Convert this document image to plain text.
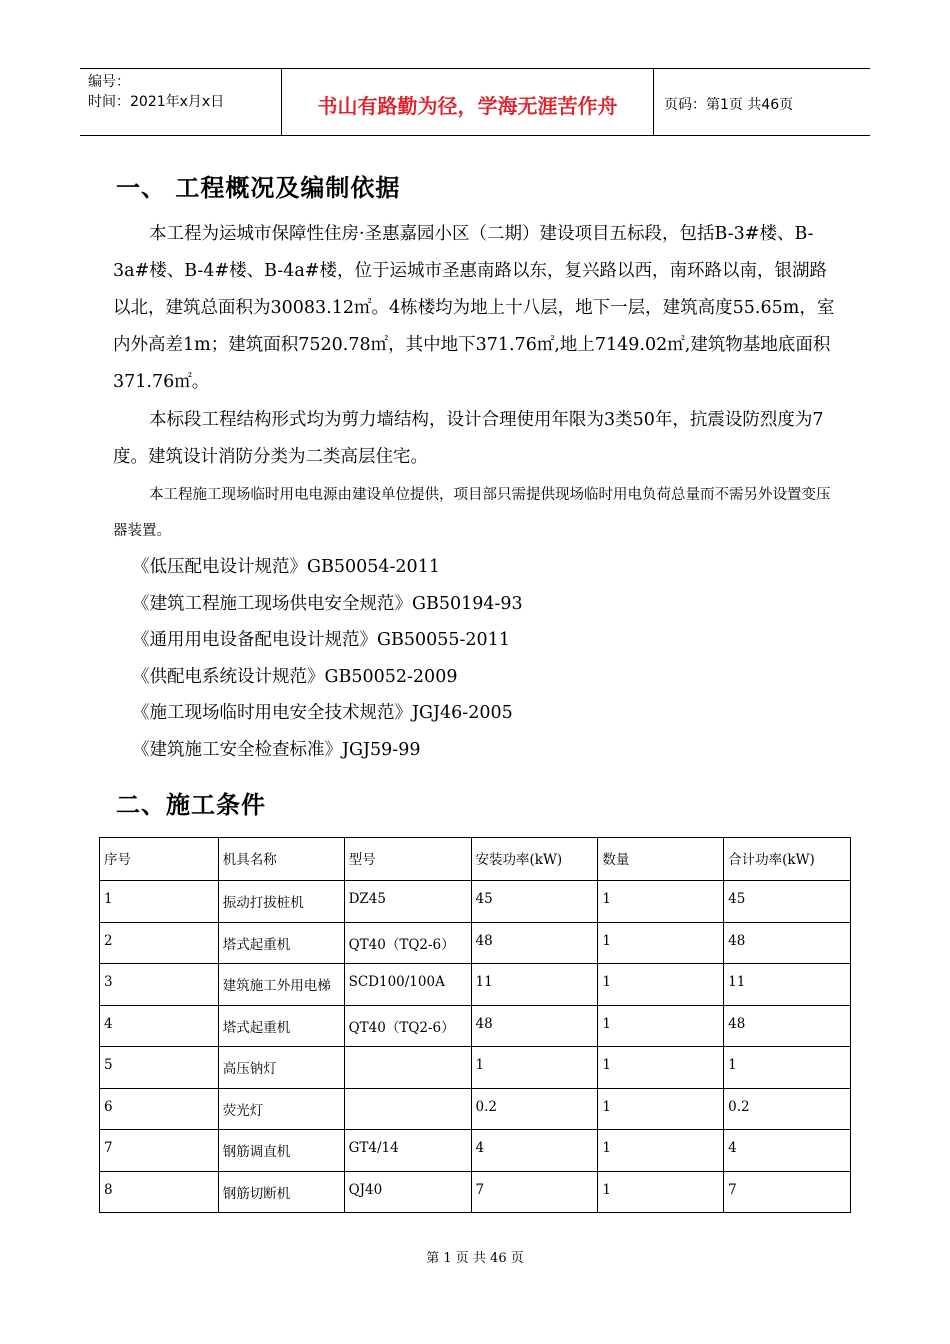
编号：
时间：2021年x月x日	书山有路勤为径，学海无涯苦作舟	页码：第1页 共46页
一、 工程概况及编制依据

本工程为运城市保障性住房·圣惠嘉园小区（二期）建设项目五标段，包括B-3#楼、B-3a#楼、B-4#楼、B-4a#楼，位于运城市圣惠南路以东，复兴路以西，南环路以南，银湖路以北，建筑总面积为30083.12㎡。4栋楼均为地上十八层，地下一层，建筑高度55.65m，室内外高差1m；建筑面积7520.78㎡，其中地下371.76㎡,地上7149.02㎡,建筑物基地底面积371.76㎡。

本标段工程结构形式均为剪力墙结构，设计合理使用年限为3类50年，抗震设防烈度为7度。建筑设计消防分类为二类高层住宅。

本工程施工现场临时用电电源由建设单位提供，项目部只需提供现场临时用电负荷总量而不需另外设置变压器装置。

《低压配电设计规范》GB50054-2011

《建筑工程施工现场供电安全规范》GB50194-93

《通用用电设备配电设计规范》GB50055-2011

《供配电系统设计规范》GB50052-2009

《施工现场临时用电安全技术规范》JGJ46-2005

《建筑施工安全检查标准》JGJ59-99

二、施工条件
序号	机具名称	型号	安装功率(kW)	数量	合计功率(kW)
1	振动打拔桩机	DZ45	45	1	45
2	塔式起重机	QT40（TQ2-6）	48	1	48
3	建筑施工外用电梯	SCD100/100A	11	1	11
4	塔式起重机	QT40（TQ2-6）	48	1	48
5	高压钠灯		1	1	1
6	荧光灯		0.2	1	0.2
7	钢筋调直机	GT4/14	4	1	4
8	钢筋切断机	QJ40	7	1	7
第 1 页 共 46 页
